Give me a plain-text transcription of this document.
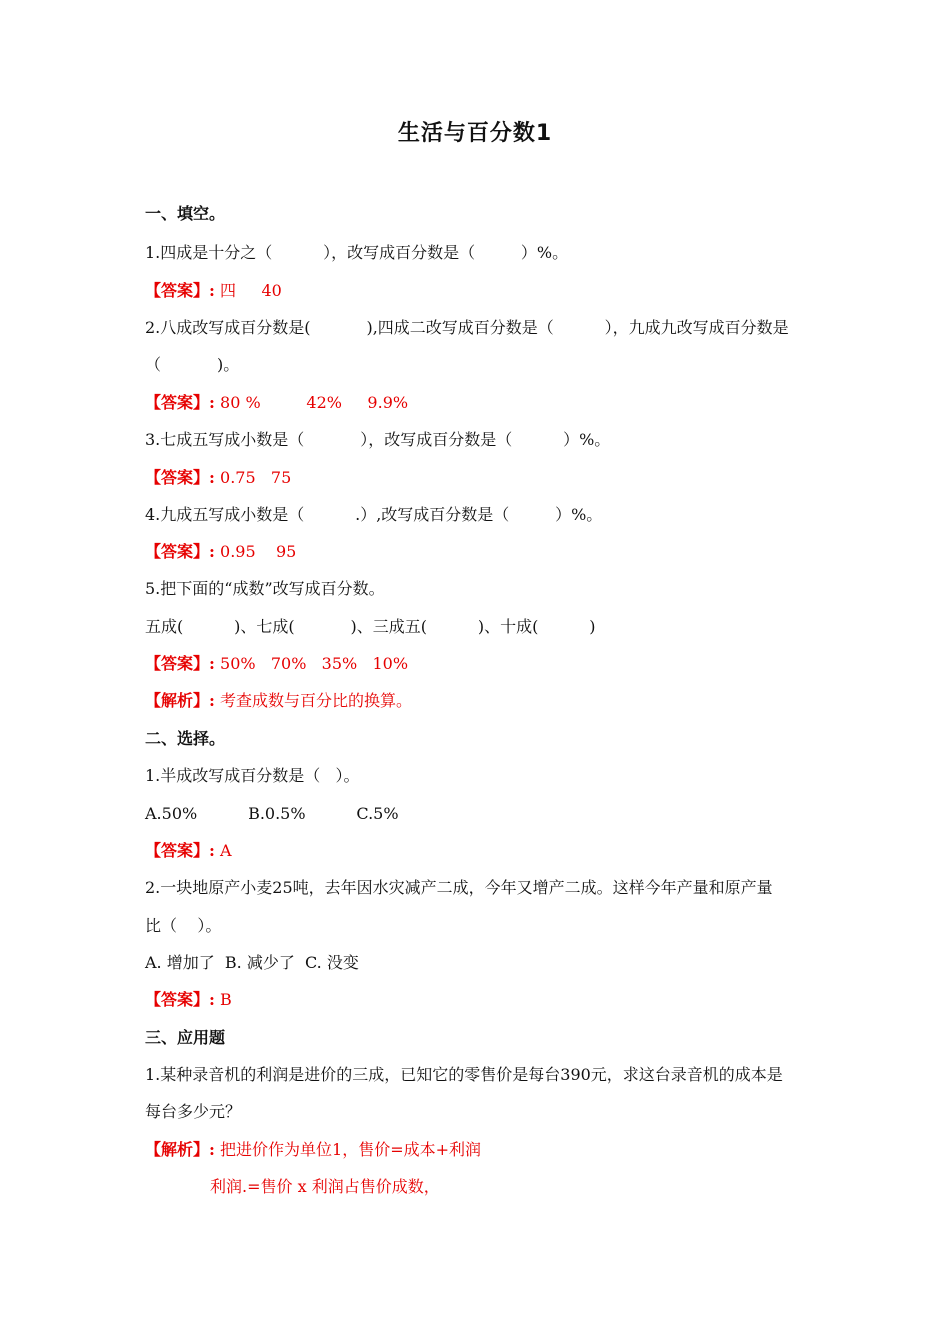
生活与百分数1
一、填空。
1.四成是十分之（          ），改写成百分数是（         ）%。
【答案】: 四     40
2.八成改写成百分数是(           ),四成二改写成百分数是（          ），九成九改写成百分数是
（           )。
【答案】: 80 %         42%     9.9%
3.七成五写成小数是（           ），改写成百分数是（          ）%。
【答案】: 0.75   75
4.九成五写成小数是（          .）,改写成百分数是（         ）%。
【答案】: 0.95    95
5.把下面的“成数”改写成百分数。
五成(          )、七成(           )、三成五(          )、十成(          )
【答案】: 50%   70%   35%   10%
【解析】: 考查成数与百分比的换算。
二、选择。
1.半成改写成百分数是（   ）。
A.50%          B.0.5%          C.5%
【答案】: A
2.一块地原产小麦25吨，去年因水灾减产二成，今年又增产二成。这样今年产量和原产量
比（    ）。
A. 增加了  B. 减少了  C. 没变
【答案】: B
三、应用题
1.某种录音机的利润是进价的三成，已知它的零售价是每台390元，求这台录音机的成本是
每台多少元？
【解析】: 把进价作为单位1，售价=成本+利润
利润.=售价 x 利润占售价成数，
